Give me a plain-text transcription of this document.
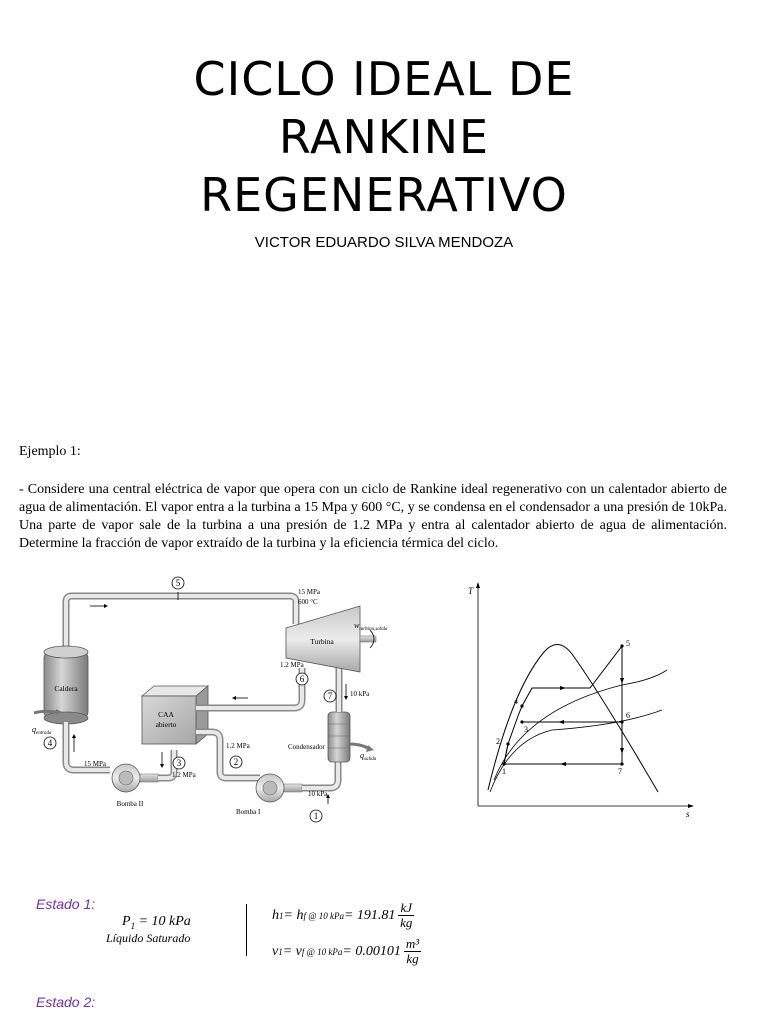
CICLO IDEAL DE
RANKINE
REGENERATIVO
VICTOR EDUARDO SILVA MENDOZA
Ejemplo 1:
- Considere una central eléctrica de vapor que opera con un ciclo de Rankine ideal regenerativo con un calentador abierto de agua de alimentación. El vapor entra a la turbina a 15 Mpa y 600 °C, y se condensa en el condensador a una presión de 10kPa. Una parte de vapor sale de la turbina a una presión de 1.2 MPa y entra al calentador abierto de agua de alimentación. Determine la fracción de vapor extraído de la turbina y la eficiencia térmica del ciclo.
5
Caldera
$q_{entrada}$
4
15 MPa
Bomba II
3
1.2 MPa
CAA
abierto
6
1.2 MPa
1.2 MPa
2
Bomba I
10 kPa
1
Condensador
$q_{salida}$
7	10 kPa
Turbina
$w_{turbina,salida}$
15 MPa
600 °C
T
s
1
2
3
4
5
6
7
Estado 1:
$P_1 = 10$ kPa
Líquido Saturado
h 1 = h f @ 10 kPa = 191.81 kJ
kg
v 1 = v f @ 10 kPa = 0.00101 m³
kg
Estado 2:
